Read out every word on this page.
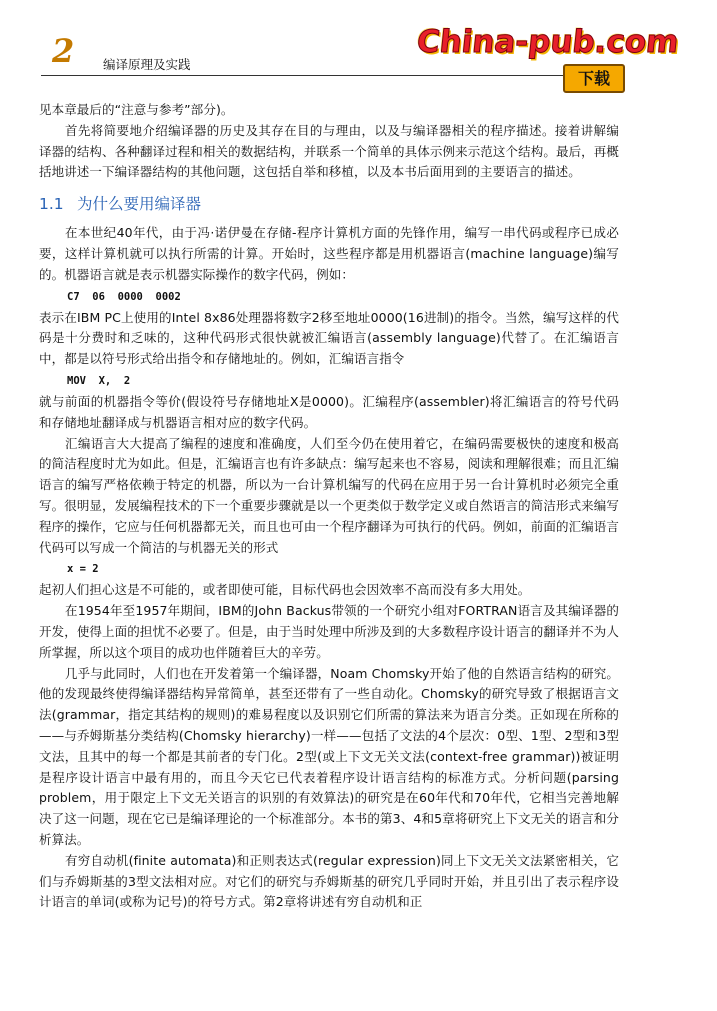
2 编译原理及实践
China-pub.com
下载

见本章最后的“注意与参考”部分)。

首先将简要地介绍编译器的历史及其存在目的与理由，以及与编译器相关的程序描述。接着讲解编译器的结构、各种翻译过程和相关的数据结构，并联系一个简单的具体示例来示范这个结构。最后，再概括地讲述一下编译器结构的其他问题，这包括自举和移植，以及本书后面用到的主要语言的描述。

1.1 为什么要用编译器

在本世纪40年代，由于冯·诺伊曼在存储-程序计算机方面的先锋作用，编写一串代码或程序已成必要，这样计算机就可以执行所需的计算。开始时，这些程序都是用机器语言(machine language)编写的。机器语言就是表示机器实际操作的数字代码，例如：

C7  06  0000  0002

表示在IBM PC上使用的Intel 8x86处理器将数字2移至地址0000(16进制)的指令。当然，编写这样的代码是十分费时和乏味的，这种代码形式很快就被汇编语言(assembly language)代替了。在汇编语言中，都是以符号形式给出指令和存储地址的。例如，汇编语言指令

MOV  X,  2

就与前面的机器指令等价(假设符号存储地址X是0000)。汇编程序(assembler)将汇编语言的符号代码和存储地址翻译成与机器语言相对应的数字代码。

汇编语言大大提高了编程的速度和准确度，人们至今仍在使用着它，在编码需要极快的速度和极高的简洁程度时尤为如此。但是，汇编语言也有许多缺点：编写起来也不容易，阅读和理解很难；而且汇编语言的编写严格依赖于特定的机器，所以为一台计算机编写的代码在应用于另一台计算机时必须完全重写。很明显，发展编程技术的下一个重要步骤就是以一个更类似于数学定义或自然语言的简洁形式来编写程序的操作，它应与任何机器都无关，而且也可由一个程序翻译为可执行的代码。例如，前面的汇编语言代码可以写成一个简洁的与机器无关的形式

x = 2

起初人们担心这是不可能的，或者即使可能，目标代码也会因效率不高而没有多大用处。

在1954年至1957年期间，IBM的John Backus带领的一个研究小组对FORTRAN语言及其编译器的开发，使得上面的担忧不必要了。但是，由于当时处理中所涉及到的大多数程序设计语言的翻译并不为人所掌握，所以这个项目的成功也伴随着巨大的辛劳。

几乎与此同时，人们也在开发着第一个编译器，Noam Chomsky开始了他的自然语言结构的研究。他的发现最终使得编译器结构异常简单，甚至还带有了一些自动化。Chomsky的研究导致了根据语言文法(grammar，指定其结构的规则)的难易程度以及识别它们所需的算法来为语言分类。正如现在所称的——与乔姆斯基分类结构(Chomsky hierarchy)一样——包括了文法的4个层次：0型、1型、2型和3型文法，且其中的每一个都是其前者的专门化。2型(或上下文无关文法(context-free grammar))被证明是程序设计语言中最有用的，而且今天它已代表着程序设计语言结构的标准方式。分析问题(parsing problem，用于限定上下文无关语言的识别的有效算法)的研究是在60年代和70年代，它相当完善地解决了这一问题，现在它已是编译理论的一个标准部分。本书的第3、4和5章将研究上下文无关的语言和分析算法。

有穷自动机(finite automata)和正则表达式(regular expression)同上下文无关文法紧密相关，它们与乔姆斯基的3型文法相对应。对它们的研究与乔姆斯基的研究几乎同时开始，并且引出了表示程序设计语言的单词(或称为记号)的符号方式。第2章将讲述有穷自动机和正
